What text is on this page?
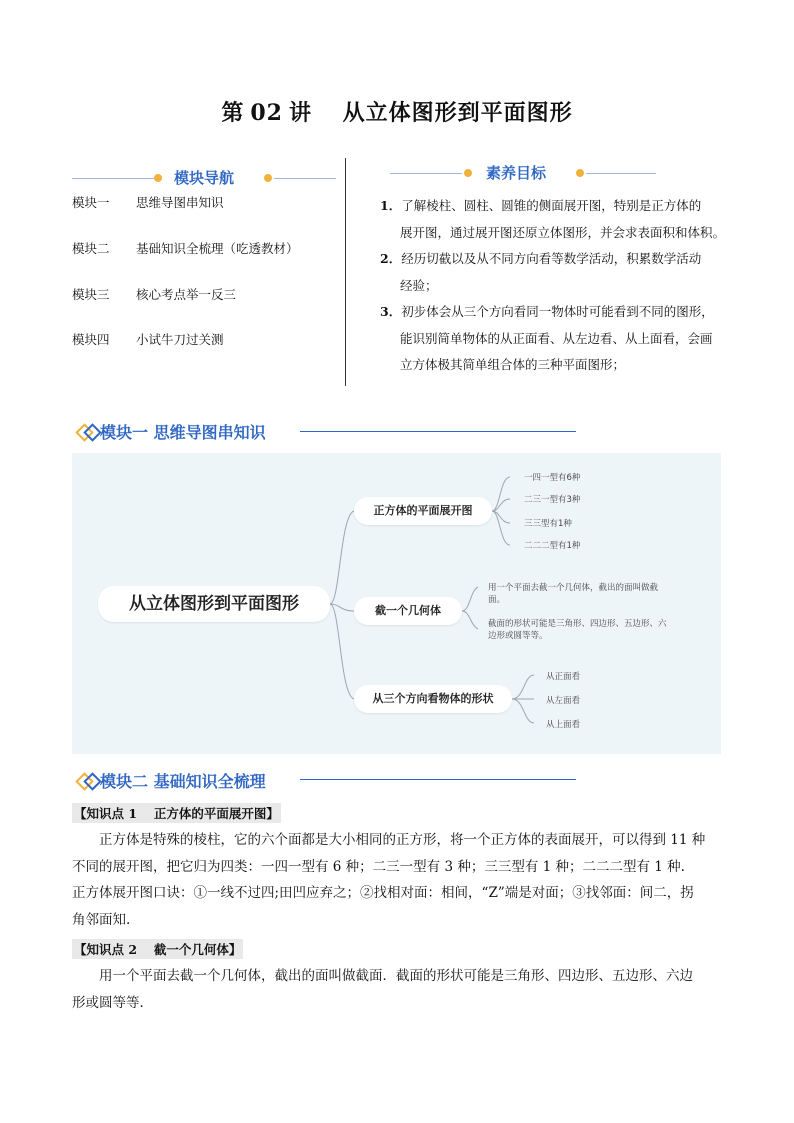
第 02 讲 从立体图形到平面图形
模块导航
模块一 思维导图串知识
模块二 基础知识全梳理（吃透教材）
模块三 核心考点举一反三
模块四 小试牛刀过关测
素养目标
1．了解棱柱、圆柱、圆锥的侧面展开图，特别是正方体的
展开图，通过展开图还原立体图形，并会求表面积和体积。
2．经历切截以及从不同方向看等数学活动，积累数学活动
经验；
3．初步体会从三个方向看同一物体时可能看到不同的图形，
能识别简单物体的从正面看、从左边看、从上面看，会画
立方体极其简单组合体的三种平面图形；
模块一 思维导图串知识
从立体图形到平面图形
正方体的平面展开图
截一个几何体
从三个方向看物体的形状
一四一型有6种
二三一型有3种
三三型有1种
二二二型有1种
用一个平面去截一个几何体，截出的面叫做截
面。
截面的形状可能是三角形、四边形、五边形、六
边形或圆等等。
从正面看
从左面看
从上面看
模块二 基础知识全梳理
【知识点 1　 正方体的平面展开图】
正方体是特殊的棱柱，它的六个面都是大小相同的正方形，将一个正方体的表面展开，可以得到 11 种
不同的展开图，把它归为四类：一四一型有 6 种；二三一型有 3 种；三三型有 1 种；二二二型有 1 种.
正方体展开图口诀：①一线不过四;田凹应弃之；②找相对面：相间，“Z”端是对面；③找邻面：间二，拐
角邻面知.
【知识点 2　 截一个几何体】
用一个平面去截一个几何体，截出的面叫做截面．截面的形状可能是三角形、四边形、五边形、六边
形或圆等等．
